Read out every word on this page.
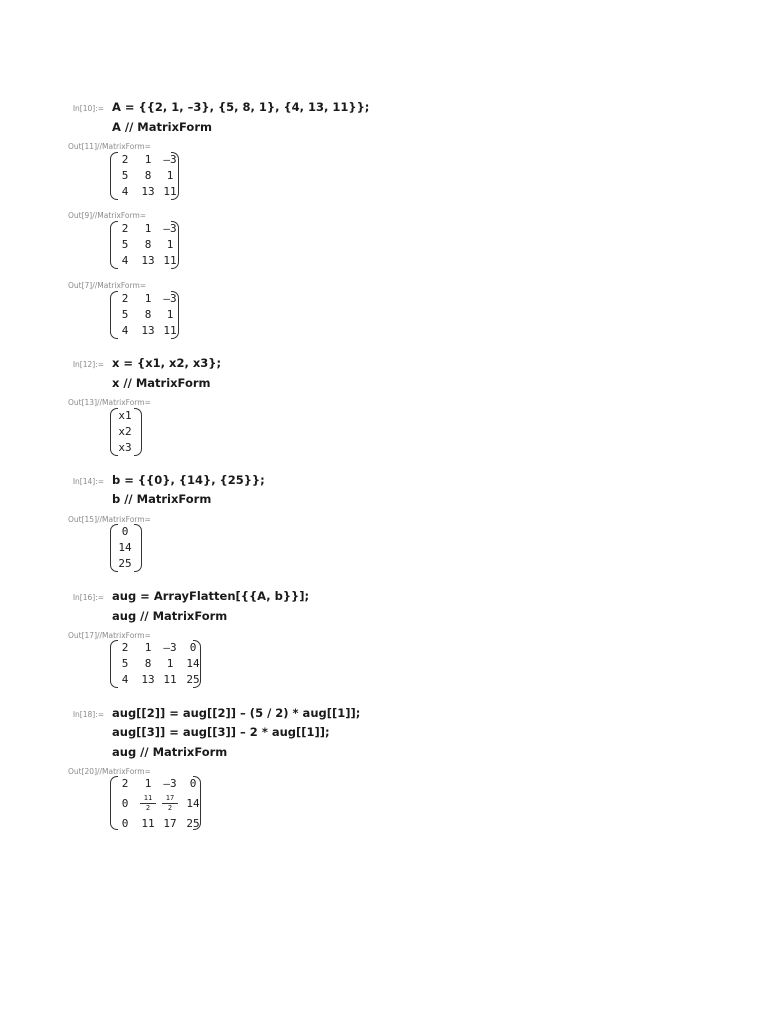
In[10]:= A = {{2, 1, –3}, {5, 8, 1}, {4, 13, 11}};
A // MatrixForm
Out[11]//MatrixForm=
2	1	–3
5	8	1
4	13 11
Out[9]//MatrixForm=
2	1	–3
5	8	1
4	13 11
Out[7]//MatrixForm=
2	1	–3
5	8	1
4	13 11
In[12]:= x = {x1, x2, x3};
x // MatrixForm
Out[13]//MatrixForm=
x1
x2
x3
In[14]:= b = {{0}, {14}, {25}};
b // MatrixForm
Out[15]//MatrixForm=
0
14
25
In[16]:= aug = ArrayFlatten[{{A, b}}];
aug // MatrixForm
Out[17]//MatrixForm=
2	1	–3	0
5	8	1	14
4	13 11 25
In[18]:= aug[[2]] = aug[[2]] – (5 / 2) * aug[[1]];
aug[[3]] = aug[[3]] – 2 * aug[[1]];
aug // MatrixForm
Out[20]//MatrixForm=
2	1	–3	0
0	$\frac{11}{2} \frac{17}{2} 14$
0	11 17 25
